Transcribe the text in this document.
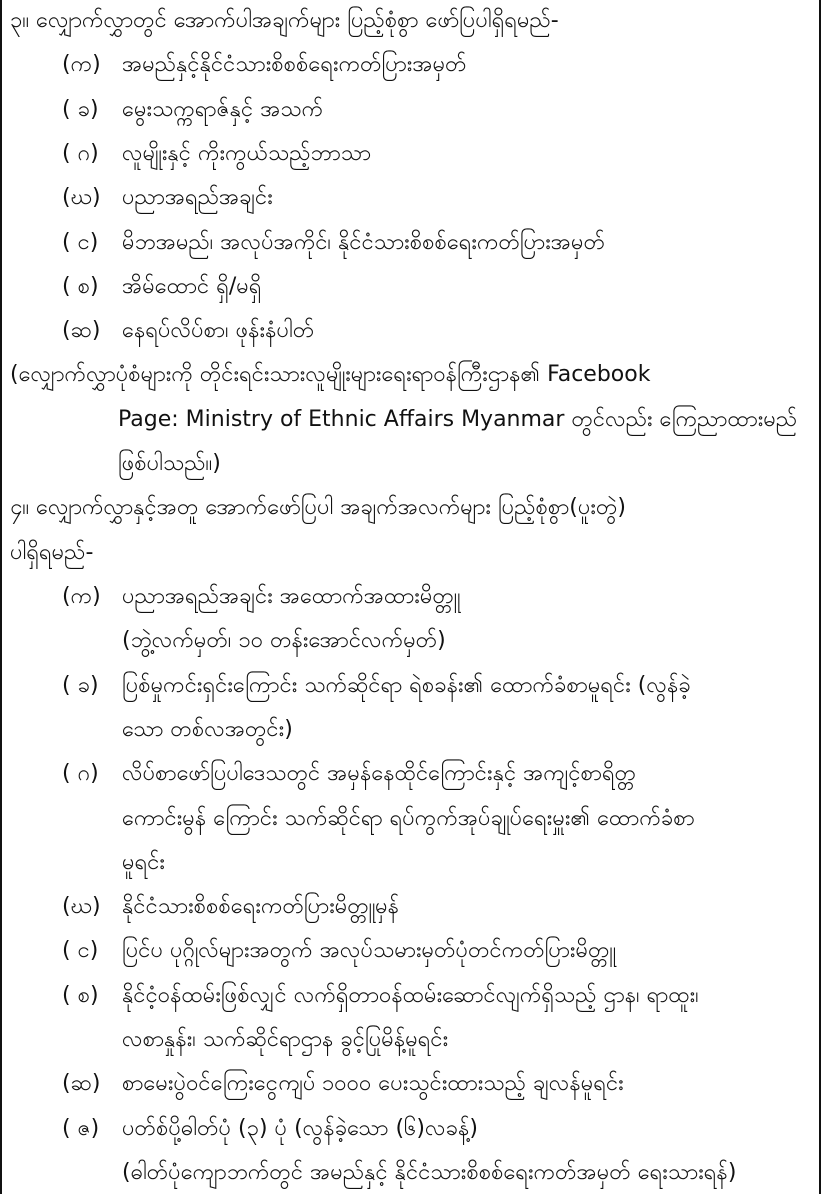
၃။ လျှောက်လွှာတွင် အောက်ပါအချက်များ ပြည့်စုံစွာ ဖော်ပြပါရှိရမည်-
(က) အမည်နှင့်နိုင်ငံသားစိစစ်ရေးကတ်ပြားအမှတ်
( ခ) မွေးသက္ကရာဇ်နှင့် အသက်
( ဂ) လူမျိုးနှင့် ကိုးကွယ်သည့်ဘာသာ
(ဃ) ပညာအရည်အချင်း
( င) မိဘအမည်၊ အလုပ်အကိုင်၊ နိုင်ငံသားစိစစ်ရေးကတ်ပြားအမှတ်
( စ) အိမ်ထောင် ရှိ/မရှိ
(ဆ) နေရပ်လိပ်စာ၊ ဖုန်းနံပါတ်
(လျှောက်လွှာပုံစံများကို တိုင်းရင်းသားလူမျိုးများရေးရာဝန်ကြီးဌာန၏ Facebook
Page: Ministry of Ethnic Affairs Myanmar တွင်လည်း ကြေညာထားမည်
ဖြစ်ပါသည်။)
၄။ လျှောက်လွှာနှင့်အတူ အောက်ဖော်ပြပါ အချက်အလက်များ ပြည့်စုံစွာ(ပူးတွဲ)
ပါရှိရမည်-
(က) ပညာအရည်အချင်း အထောက်အထားမိတ္တူ
(ဘွဲ့လက်မှတ်၊ ၁၀ တန်းအောင်လက်မှတ်)
( ခ) ပြစ်မှုကင်းရှင်းကြောင်း သက်ဆိုင်ရာ ရဲစခန်း၏ ထောက်ခံစာမူရင်း (လွန်ခဲ့
သော တစ်လအတွင်း)
( ဂ) လိပ်စာဖော်ပြပါဒေသတွင် အမှန်နေထိုင်ကြောင်းနှင့် အကျင့်စာရိတ္တ
ကောင်းမွန် ကြောင်း သက်ဆိုင်ရာ ရပ်ကွက်အုပ်ချုပ်ရေးမှူး၏ ထောက်ခံစာ
မူရင်း
(ဃ) နိုင်ငံသားစိစစ်ရေးကတ်ပြားမိတ္တူမှန်
( င) ပြင်ပ ပုဂ္ဂိုလ်များအတွက် အလုပ်သမားမှတ်ပုံတင်ကတ်ပြားမိတ္တူ
( စ) နိုင်ငံ့ဝန်ထမ်းဖြစ်လျှင် လက်ရှိတာဝန်ထမ်းဆောင်လျက်ရှိသည့် ဌာန၊ ရာထူး၊
လစာနှုန်း၊ သက်ဆိုင်ရာဌာန ခွင့်ပြုမိန့်မူရင်း
(ဆ) စာမေးပွဲဝင်ကြေးငွေကျပ် ၁၀၀၀ ပေးသွင်းထားသည့် ချလန်မူရင်း
( ဇ) ပတ်စ်ပို့ဓါတ်ပုံ (၃) ပုံ (လွန်ခဲ့သော (၆)လခန့်)
(ဓါတ်ပုံကျောဘက်တွင် အမည်နှင့် နိုင်ငံသားစိစစ်ရေးကတ်အမှတ် ရေးသားရန်)
